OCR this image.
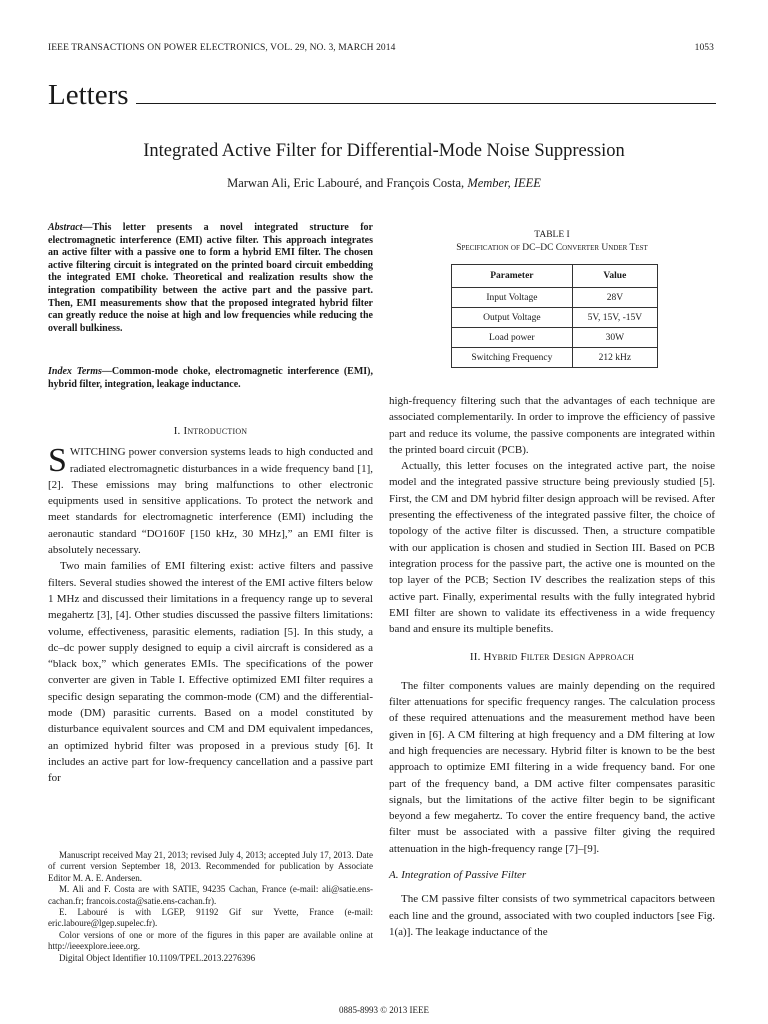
IEEE TRANSACTIONS ON POWER ELECTRONICS, VOL. 29, NO. 3, MARCH 2014	1053
Letters
Integrated Active Filter for Differential-Mode Noise Suppression
Marwan Ali, Eric Labouré, and François Costa, Member, IEEE
Abstract—This letter presents a novel integrated structure for electromagnetic interference (EMI) active filter. This approach integrates an active filter with a passive one to form a hybrid EMI filter. The chosen active filtering circuit is integrated on the printed board circuit embedding the integrated EMI choke. Theoretical and realization results show the integration compatibility between the active part and the passive part. Then, EMI measurements show that the proposed integrated hybrid filter can greatly reduce the noise at high and low frequencies while reducing the overall bulkiness.
Index Terms—Common-mode choke, electromagnetic interference (EMI), hybrid filter, integration, leakage inductance.
I. Introduction

SWITCHING power conversion systems leads to high conducted and radiated electromagnetic disturbances in a wide frequency band [1], [2]. These emissions may bring malfunctions to other electronic equipments used in sensitive applications. To protect the network and meet standards for electromagnetic interference (EMI) including the aeronautic standard “DO160F [150 kHz, 30 MHz],” an EMI filter is absolutely necessary.

Two main families of EMI filtering exist: active filters and passive filters. Several studies showed the interest of the EMI active filters below 1 MHz and discussed their limitations in a frequency range up to several megahertz [3], [4]. Other studies discussed the passive filters limitations: volume, effectiveness, parasitic elements, radiation [5]. In this study, a dc–dc power supply designed to equip a civil aircraft is considered as a “black box,” which generates EMIs. The specifications of the power converter are given in Table I. Effective optimized EMI filter requires a specific design separating the common-mode (CM) and the differential-mode (DM) parasitic currents. Based on a model constituted by disturbance equivalent sources and CM and DM equivalent impedances, an optimized hybrid filter was proposed in a previous study [6]. It includes an active part for low-frequency cancellation and a passive part for

Manuscript received May 21, 2013; revised July 4, 2013; accepted July 17, 2013. Date of current version September 18, 2013. Recommended for publication by Associate Editor M. A. E. Andersen.

M. Ali and F. Costa are with SATIE, 94235 Cachan, France (e-mail: ali@satie.ens-cachan.fr; francois.costa@satie.ens-cachan.fr).

E. Labouré is with LGEP, 91192 Gif sur Yvette, France (e-mail: eric.laboure@lgep.supelec.fr).

Color versions of one or more of the figures in this paper are available online at http://ieeexplore.ieee.org.

Digital Object Identifier 10.1109/TPEL.2013.2276396

TABLE I
Specification of DC–DC Converter Under Test
Parameter	Value
Input Voltage	28V
Output Voltage	5V, 15V, -15V
Load power	30W
Switching Frequency	212 kHz

high-frequency filtering such that the advantages of each technique are associated complementarily. In order to improve the efficiency of passive part and reduce its volume, the passive components are integrated within the printed board circuit (PCB).

Actually, this letter focuses on the integrated active part, the noise model and the integrated passive structure being previously studied [5]. First, the CM and DM hybrid filter design approach will be revised. After presenting the effectiveness of the integrated passive filter, the choice of topology of the active filter is discussed. Then, a structure compatible with our application is chosen and studied in Section III. Based on PCB integration process for the passive part, the active one is mounted on the top layer of the PCB; Section IV describes the realization steps of this active part. Finally, experimental results with the fully integrated hybrid EMI filter are shown to validate its effectiveness in a wide frequency band and ensure its multiple benefits.

II. Hybrid Filter Design Approach

The filter components values are mainly depending on the required filter attenuations for specific frequency ranges. The calculation process of these required attenuations and the measurement method have been given in [6]. A CM filtering at high frequency and a DM filtering at low and high frequencies are necessary. Hybrid filter is known to be the best approach to optimize EMI filtering in a wide frequency band. For one part of the frequency band, a DM active filter compensates parasitic signals, but the limitations of the active filter begin to be significant beyond a few megahertz. To cover the entire frequency band, the active filter must be associated with a passive filter giving the required attenuation in the high-frequency range [7]–[9].

A. Integration of Passive Filter

The CM passive filter consists of two symmetrical capacitors between each line and the ground, associated with two coupled inductors [see Fig. 1(a)]. The leakage inductance of the

0885-8993 © 2013 IEEE
